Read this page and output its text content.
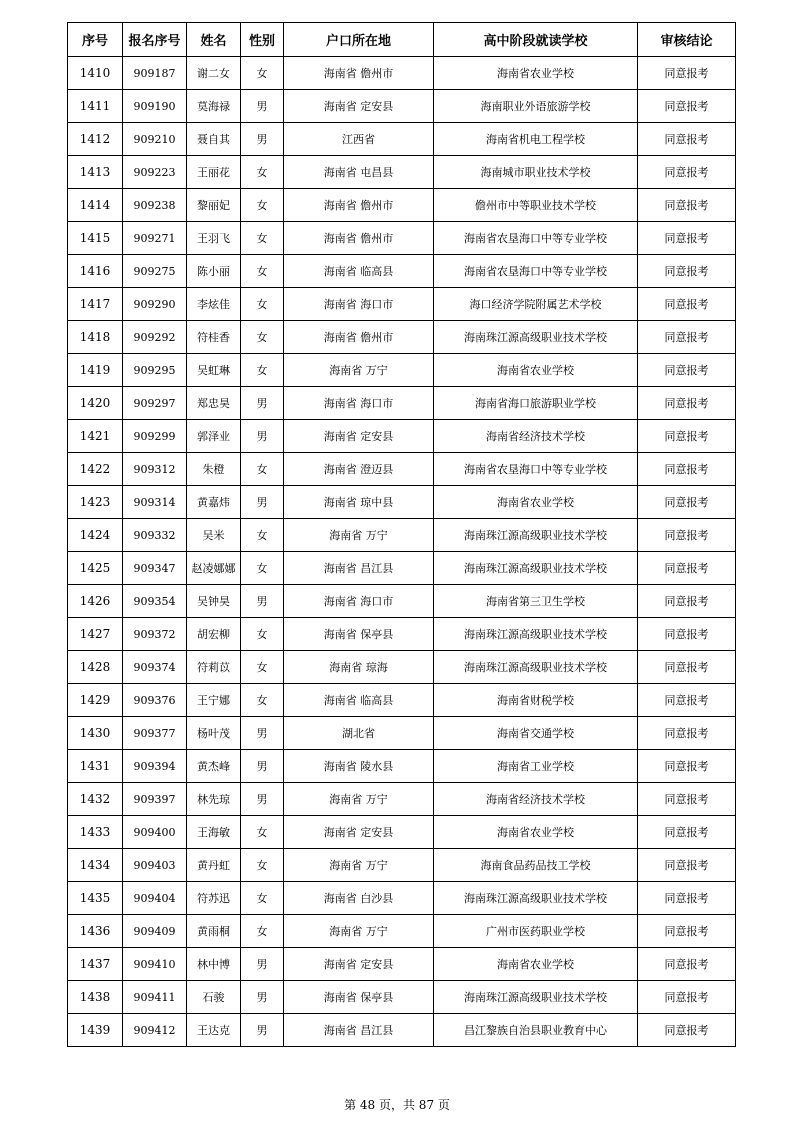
序号	报名序号	姓名	性别	户口所在地	高中阶段就读学校	审核结论
1410	909187	谢二女	女	海南省 儋州市	海南省农业学校	同意报考
1411	909190	莫海禄	男	海南省 定安县	海南职业外语旅游学校	同意报考
1412	909210	聂自其	男	江西省	海南省机电工程学校	同意报考
1413	909223	王丽花	女	海南省 屯昌县	海南城市职业技术学校	同意报考
1414	909238	黎丽妃	女	海南省 儋州市	儋州市中等职业技术学校	同意报考
1415	909271	王羽飞	女	海南省 儋州市	海南省农垦海口中等专业学校	同意报考
1416	909275	陈小丽	女	海南省 临高县	海南省农垦海口中等专业学校	同意报考
1417	909290	李炫佳	女	海南省 海口市	海口经济学院附属艺术学校	同意报考
1418	909292	符桂香	女	海南省 儋州市	海南珠江源高级职业技术学校	同意报考
1419	909295	吴虹琳	女	海南省 万宁	海南省农业学校	同意报考
1420	909297	郑忠昊	男	海南省 海口市	海南省海口旅游职业学校	同意报考
1421	909299	郭泽业	男	海南省 定安县	海南省经济技术学校	同意报考
1422	909312	朱橙	女	海南省 澄迈县	海南省农垦海口中等专业学校	同意报考
1423	909314	黄嘉炜	男	海南省 琼中县	海南省农业学校	同意报考
1424	909332	吴米	女	海南省 万宁	海南珠江源高级职业技术学校	同意报考
1425	909347	赵凌娜娜	女	海南省 昌江县	海南珠江源高级职业技术学校	同意报考
1426	909354	吴钟昊	男	海南省 海口市	海南省第三卫生学校	同意报考
1427	909372	胡宏柳	女	海南省 保亭县	海南珠江源高级职业技术学校	同意报考
1428	909374	符莉苡	女	海南省 琼海	海南珠江源高级职业技术学校	同意报考
1429	909376	王宁娜	女	海南省 临高县	海南省财税学校	同意报考
1430	909377	杨叶茂	男	湖北省	海南省交通学校	同意报考
1431	909394	黄杰峰	男	海南省 陵水县	海南省工业学校	同意报考
1432	909397	林先琼	男	海南省 万宁	海南省经济技术学校	同意报考
1433	909400	王海敏	女	海南省 定安县	海南省农业学校	同意报考
1434	909403	黄丹虹	女	海南省 万宁	海南食品药品技工学校	同意报考
1435	909404	符苏迅	女	海南省 白沙县	海南珠江源高级职业技术学校	同意报考
1436	909409	黄雨桐	女	海南省 万宁	广州市医药职业学校	同意报考
1437	909410	林中博	男	海南省 定安县	海南省农业学校	同意报考
1438	909411	石骏	男	海南省 保亭县	海南珠江源高级职业技术学校	同意报考
1439	909412	王达克	男	海南省 昌江县	昌江黎族自治县职业教育中心	同意报考
第 48 页，共 87 页
